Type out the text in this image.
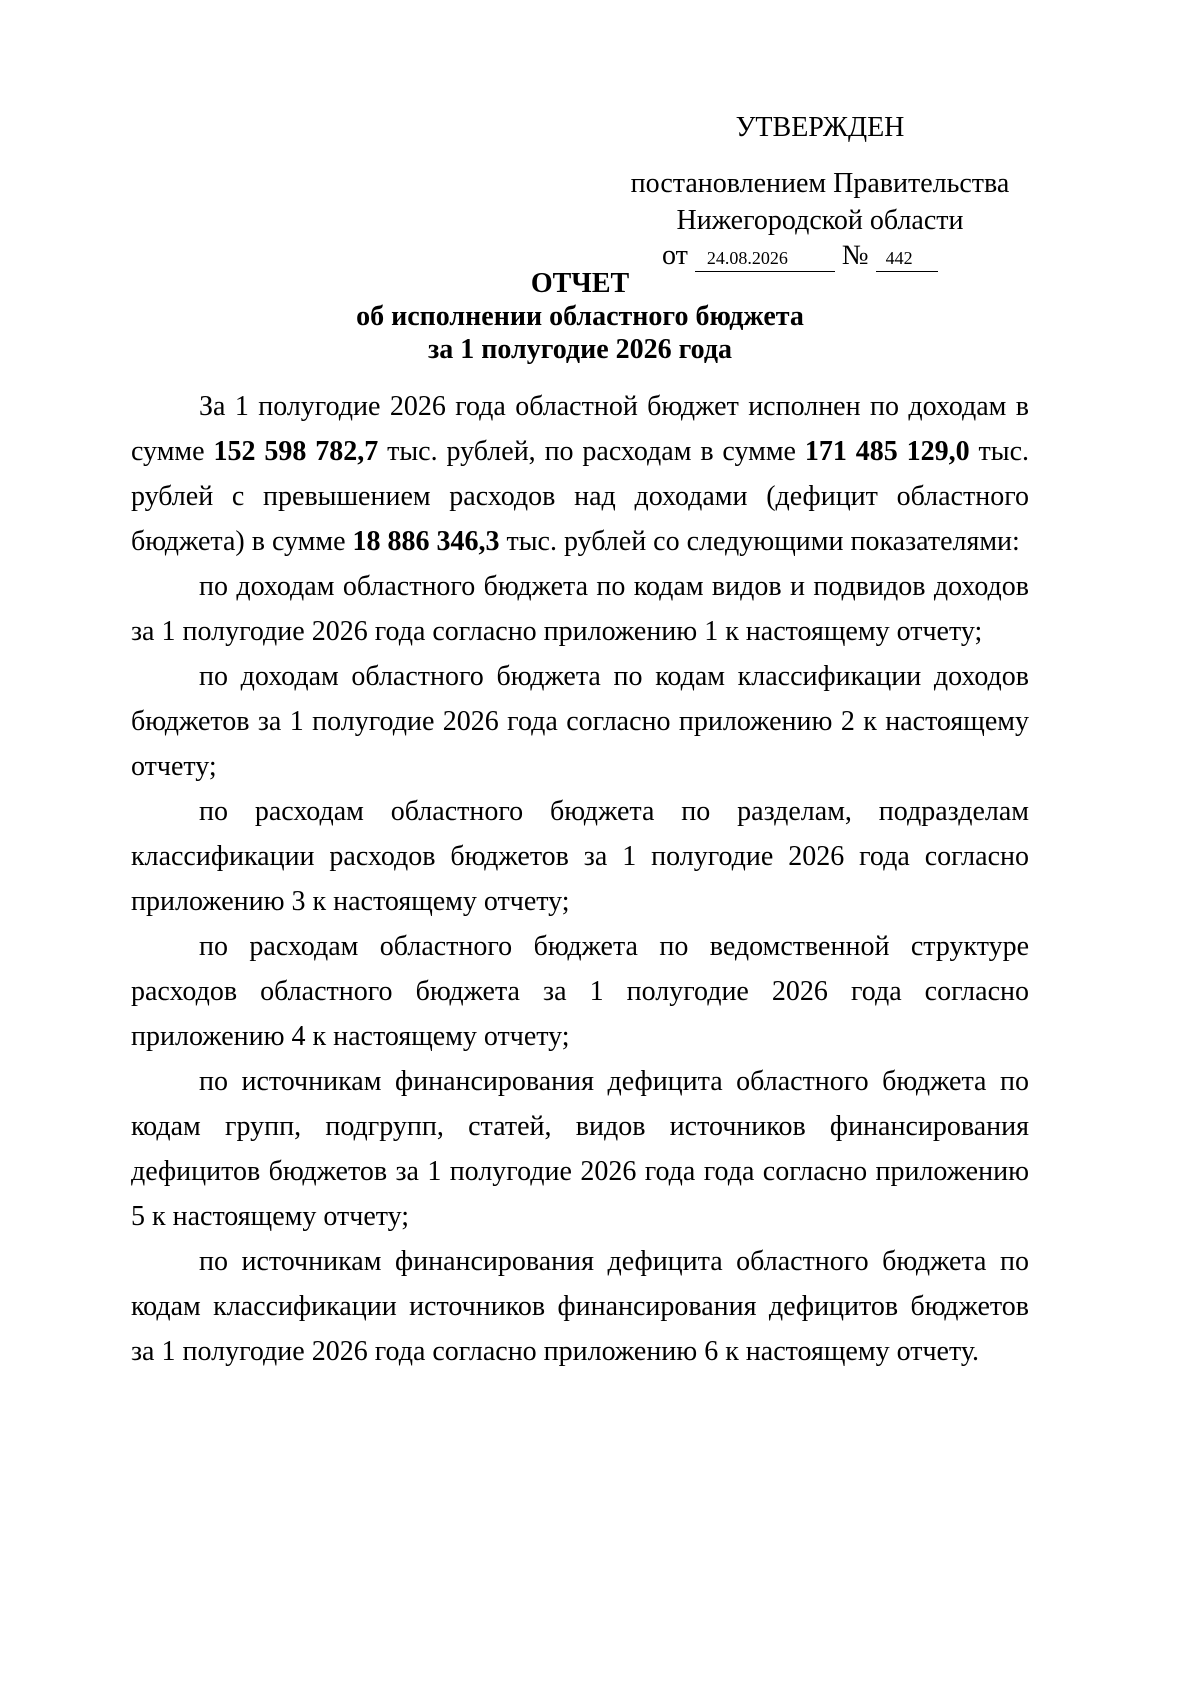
УТВЕРЖДЕН
постановлением Правительства
Нижегородской области
от 24.08.2026 № 442
ОТЧЕТ
об исполнении областного бюджета
за 1 полугодие 2026 года

За 1 полугодие 2026 года областной бюджет исполнен по доходам в сумме 152 598 782,7 тыс. рублей, по расходам в сумме 171 485 129,0 тыс. рублей с превышением расходов над доходами (дефицит областного бюджета) в сумме 18 886 346,3 тыс. рублей со следующими показателями:

по доходам областного бюджета по кодам видов и подвидов доходов за 1 полугодие 2026 года согласно приложению 1 к настоящему отчету;

по доходам областного бюджета по кодам классификации доходов бюджетов за 1 полугодие 2026 года согласно приложению 2 к настоящему отчету;

по расходам областного бюджета по разделам, подразделам классификации расходов бюджетов за 1 полугодие 2026 года согласно приложению 3 к настоящему отчету;

по расходам областного бюджета по ведомственной структуре расходов областного бюджета за 1 полугодие 2026 года согласно приложению 4 к настоящему отчету;

по источникам финансирования дефицита областного бюджета по кодам групп, подгрупп, статей, видов источников финансирования дефицитов бюджетов за 1 полугодие 2026 года года согласно приложению 5 к настоящему отчету;

по источникам финансирования дефицита областного бюджета по кодам классификации источников финансирования дефицитов бюджетов за 1 полугодие 2026 года согласно приложению 6 к настоящему отчету.
